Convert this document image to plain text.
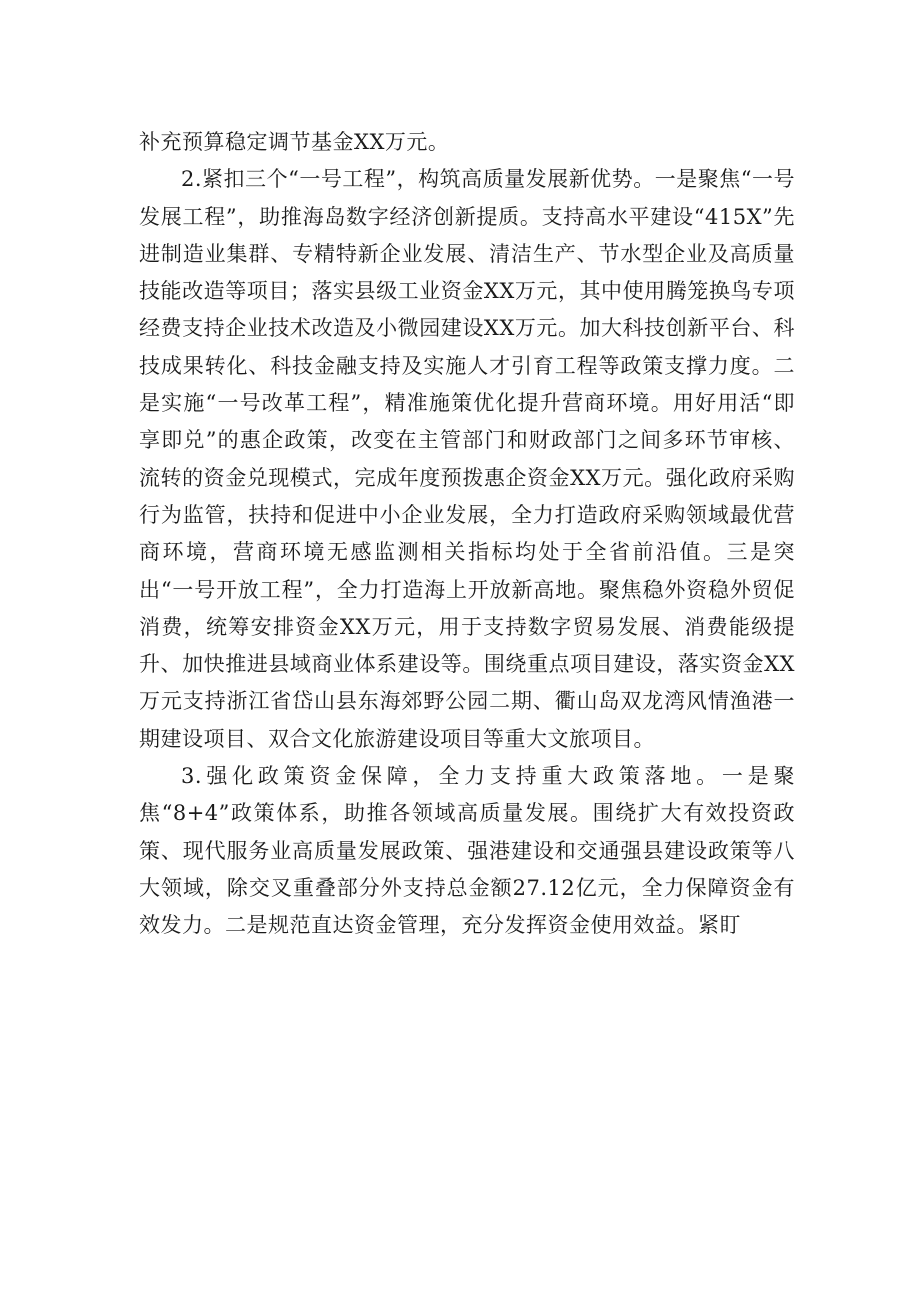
补充预算稳定调节基金XX万元。

2.紧扣三个“一号工程”，构筑高质量发展新优势。一是聚焦“一号发展工程”，助推海岛数字经济创新提质。支持高水平建设“415X”先进制造业集群、专精特新企业发展、清洁生产、节水型企业及高质量技能改造等项目；落实县级工业资金XX万元，其中使用腾笼换鸟专项经费支持企业技术改造及小微园建设XX万元。加大科技创新平台、科技成果转化、科技金融支持及实施人才引育工程等政策支撑力度。二是实施“一号改革工程”，精准施策优化提升营商环境。用好用活“即享即兑”的惠企政策，改变在主管部门和财政部门之间多环节审核、流转的资金兑现模式，完成年度预拨惠企资金XX万元。强化政府采购行为监管，扶持和促进中小企业发展，全力打造政府采购领域最优营商环境，营商环境无感监测相关指标均处于全省前沿值。三是突出“一号开放工程”，全力打造海上开放新高地。聚焦稳外资稳外贸促消费，统筹安排资金XX万元，用于支持数字贸易发展、消费能级提升、加快推进县域商业体系建设等。围绕重点项目建设，落实资金XX万元支持浙江省岱山县东海郊野公园二期、衢山岛双龙湾风情渔港一期建设项目、双合文化旅游建设项目等重大文旅项目。

3.强化政策资金保障，全力支持重大政策落地。一是聚焦“8+4”政策体系，助推各领域高质量发展。围绕扩大有效投资政策、现代服务业高质量发展政策、强港建设和交通强县建设政策等八大领域，除交叉重叠部分外支持总金额27.12亿元，全力保障资金有效发力。二是规范直达资金管理，充分发挥资金使用效益。紧盯
